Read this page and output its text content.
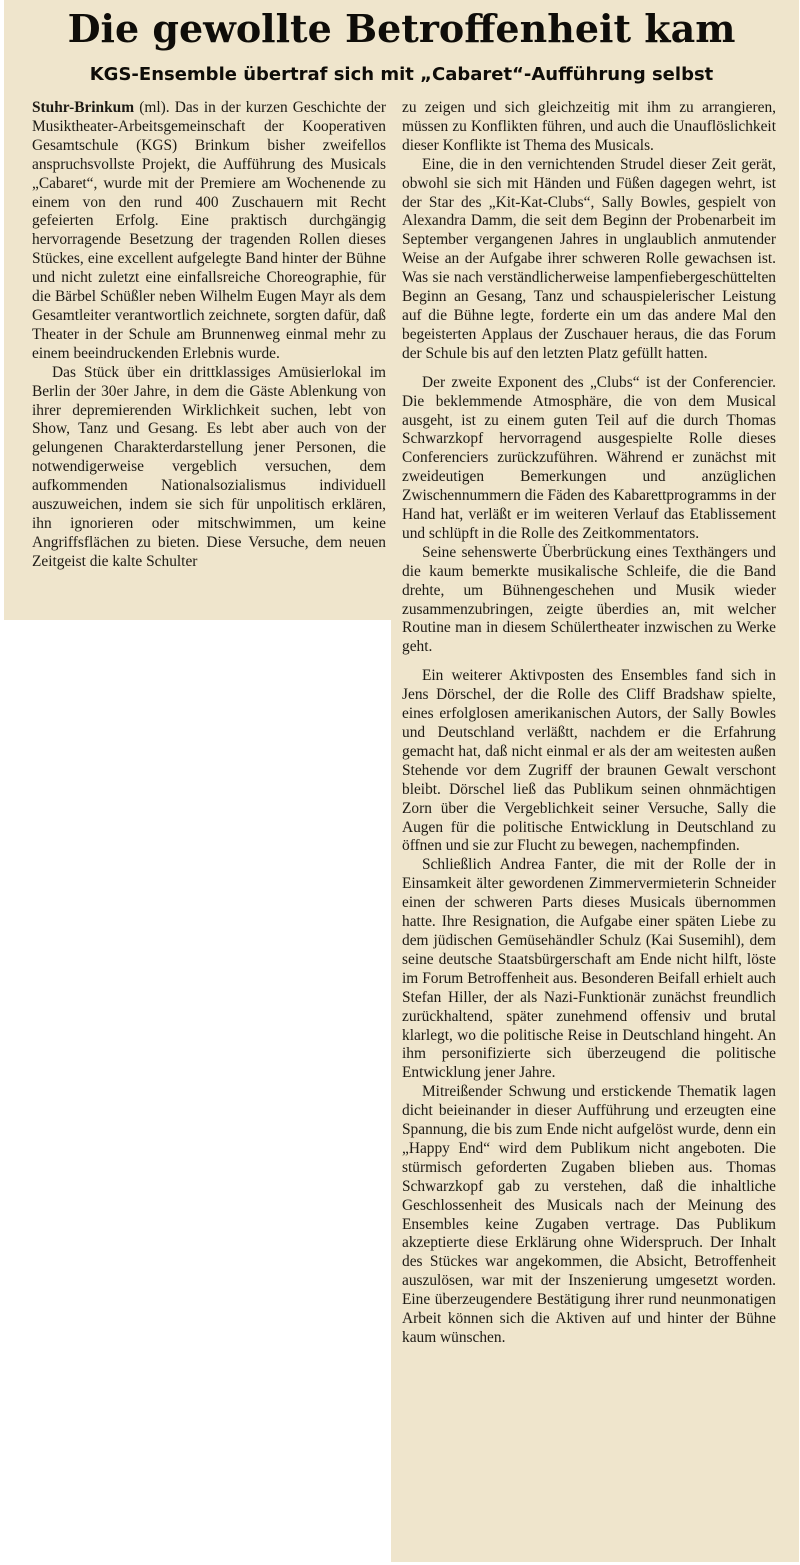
Die gewollte Betroffenheit kam
KGS-Ensemble übertraf sich mit „Cabaret“-Aufführung selbst

Stuhr-Brinkum (ml). Das in der kurzen Geschichte der Musiktheater-Arbeitsgemeinschaft der Kooperativen Gesamtschule (KGS) Brinkum bisher zweifellos anspruchsvollste Projekt, die Aufführung des Musicals „Cabaret“, wurde mit der Premiere am Wochenende zu einem von den rund 400 Zuschauern mit Recht gefeierten Erfolg. Eine praktisch durchgängig hervorragende Besetzung der tragenden Rollen dieses Stückes, eine excellent aufgelegte Band hinter der Bühne und nicht zuletzt eine einfallsreiche Choreographie, für die Bärbel Schüßler neben Wilhelm Eugen Mayr als dem Gesamtleiter verantwortlich zeichnete, sorgten dafür, daß Theater in der Schule am Brunnenweg einmal mehr zu einem beeindruckenden Erlebnis wurde.

Das Stück über ein drittklassiges Amüsierlokal im Berlin der 30er Jahre, in dem die Gäste Ablenkung von ihrer depremierenden Wirklichkeit suchen, lebt von Show, Tanz und Gesang. Es lebt aber auch von der gelungenen Charakterdarstellung jener Personen, die notwendigerweise vergeblich versuchen, dem aufkommenden Nationalsozialismus individuell auszuweichen, indem sie sich für unpolitisch erklären, ihn ignorieren oder mitschwimmen, um keine Angriffsflächen zu bieten. Diese Versuche, dem neuen Zeitgeist die kalte Schulter

zu zeigen und sich gleichzeitig mit ihm zu arrangieren, müssen zu Konflikten führen, und auch die Unauflöslichkeit dieser Konflikte ist Thema des Musicals.

Eine, die in den vernichtenden Strudel dieser Zeit gerät, obwohl sie sich mit Händen und Füßen dagegen wehrt, ist der Star des „Kit-Kat-Clubs“, Sally Bowles, gespielt von Alexandra Damm, die seit dem Beginn der Probenarbeit im September vergangenen Jahres in unglaublich anmutender Weise an der Aufgabe ihrer schweren Rolle gewachsen ist. Was sie nach verständlicherweise lampenfiebergeschüttelten Beginn an Gesang, Tanz und schauspielerischer Leistung auf die Bühne legte, forderte ein um das andere Mal den begeisterten Applaus der Zuschauer heraus, die das Forum der Schule bis auf den letzten Platz gefüllt hatten.

Der zweite Exponent des „Clubs“ ist der Conferencier. Die beklemmende Atmosphäre, die von dem Musical ausgeht, ist zu einem guten Teil auf die durch Thomas Schwarzkopf hervorragend ausgespielte Rolle dieses Conferenciers zurückzuführen. Während er zunächst mit zweideutigen Bemerkungen und anzüglichen Zwischennummern die Fäden des Kabarettprogramms in der Hand hat, verläßt er im weiteren Verlauf das Etablissement und schlüpft in die Rolle des Zeitkommentators.

Seine sehenswerte Überbrückung eines Texthängers und die kaum bemerkte musikalische Schleife, die die Band drehte, um Bühnengeschehen und Musik wieder zusammenzubringen, zeigte überdies an, mit welcher Routine man in diesem Schülertheater inzwischen zu Werke geht.

Ein weiterer Aktivposten des Ensembles fand sich in Jens Dörschel, der die Rolle des Cliff Bradshaw spielte, eines erfolglosen amerikanischen Autors, der Sally Bowles und Deutschland verläßtt, nachdem er die Erfahrung gemacht hat, daß nicht einmal er als der am weitesten außen Stehende vor dem Zugriff der braunen Gewalt verschont bleibt. Dörschel ließ das Publikum seinen ohnmächtigen Zorn über die Vergeblichkeit seiner Versuche, Sally die Augen für die politische Entwicklung in Deutschland zu öffnen und sie zur Flucht zu bewegen, nachempfinden.

Schließlich Andrea Fanter, die mit der Rolle der in Einsamkeit älter gewordenen Zimmervermieterin Schneider einen der schweren Parts dieses Musicals übernommen hatte. Ihre Resignation, die Aufgabe einer späten Liebe zu dem jüdischen Gemüsehändler Schulz (Kai Susemihl), dem seine deutsche Staatsbürgerschaft am Ende nicht hilft, löste im Forum Betroffenheit aus. Besonderen Beifall erhielt auch Stefan Hiller, der als Nazi-Funktionär zunächst freundlich zurückhaltend, später zunehmend offensiv und brutal klarlegt, wo die politische Reise in Deutschland hingeht. An ihm personifizierte sich überzeugend die politische Entwicklung jener Jahre.

Mitreißender Schwung und erstickende Thematik lagen dicht beieinander in dieser Aufführung und erzeugten eine Spannung, die bis zum Ende nicht aufgelöst wurde, denn ein „Happy End“ wird dem Publikum nicht angeboten. Die stürmisch geforderten Zugaben blieben aus. Thomas Schwarzkopf gab zu verstehen, daß die inhaltliche Geschlossenheit des Musicals nach der Meinung des Ensembles keine Zugaben vertrage. Das Publikum akzeptierte diese Erklärung ohne Widerspruch. Der Inhalt des Stückes war angekommen, die Absicht, Betroffenheit auszulösen, war mit der Inszenierung umgesetzt worden. Eine überzeugendere Bestätigung ihrer rund neunmonatigen Arbeit können sich die Aktiven auf und hinter der Bühne kaum wünschen.
